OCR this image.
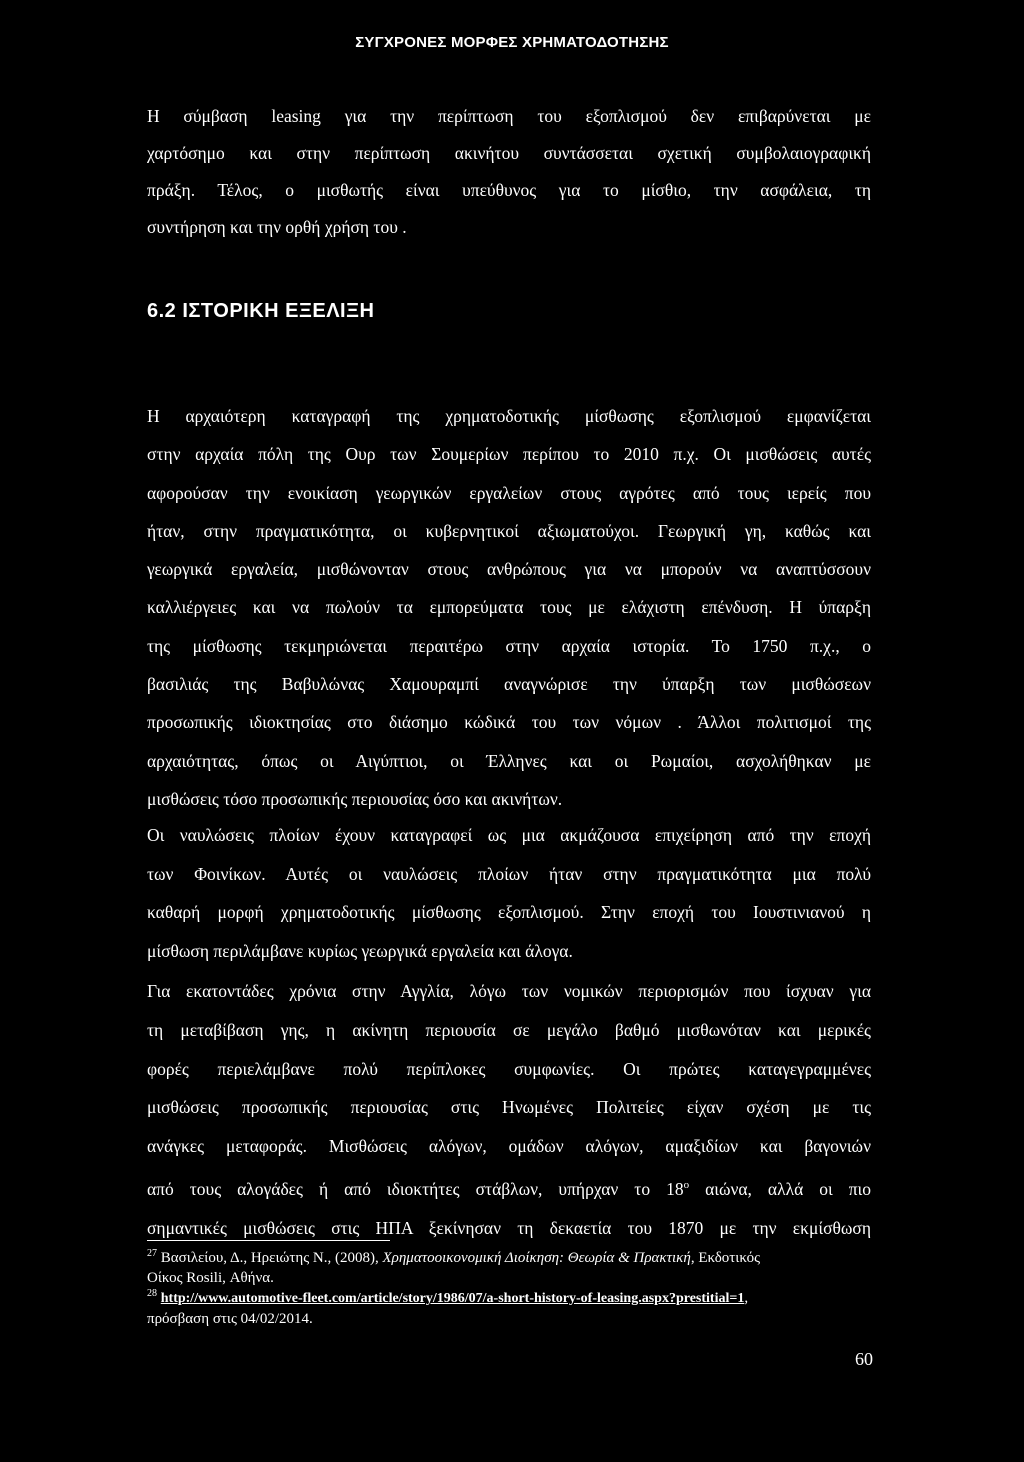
ΣΥΓΧΡΟΝΕΣ ΜΟΡΦΕΣ ΧΡΗΜΑΤΟΔΟΤΗΣΗΣ
Η σύμβαση leasing για την περίπτωση του εξοπλισμού δεν επιβαρύνεται με
χαρτόσημο και στην περίπτωση ακινήτου συντάσσεται σχετική συμβολαιογραφική
πράξη. Τέλος, ο μισθωτής είναι υπεύθυνος για το μίσθιο, την ασφάλεια, τη
συντήρηση και την ορθή χρήση του .
6.2 ΙΣΤΟΡΙΚΗ ΕΞΕΛΙΞΗ
Η αρχαιότερη καταγραφή της χρηματοδοτικής μίσθωσης εξοπλισμού εμφανίζεται
στην αρχαία πόλη της Ουρ των Σουμερίων περίπου το 2010 π.χ. Οι μισθώσεις αυτές
αφορούσαν την ενοικίαση γεωργικών εργαλείων στους αγρότες από τους ιερείς που
ήταν, στην πραγματικότητα, οι κυβερνητικοί αξιωματούχοι. Γεωργική γη, καθώς και
γεωργικά εργαλεία, μισθώνονταν στους ανθρώπους για να μπορούν να αναπτύσσουν
καλλιέργειες και να πωλούν τα εμπορεύματα τους με ελάχιστη επένδυση. Η ύπαρξη
της μίσθωσης τεκμηριώνεται περαιτέρω στην αρχαία ιστορία. Το 1750 π.χ., ο
βασιλιάς της Βαβυλώνας Χαμουραμπί αναγνώρισε την ύπαρξη των μισθώσεων
προσωπικής ιδιοκτησίας στο διάσημο κώδικά του των νόμων . Άλλοι πολιτισμοί της
αρχαιότητας, όπως οι Αιγύπτιοι, οι Έλληνες και οι Ρωμαίοι, ασχολήθηκαν με
μισθώσεις τόσο προσωπικής περιουσίας όσο και ακινήτων.
Οι ναυλώσεις πλοίων έχουν καταγραφεί ως μια ακμάζουσα επιχείρηση από την εποχή
των Φοινίκων. Αυτές οι ναυλώσεις πλοίων ήταν στην πραγματικότητα μια πολύ
καθαρή μορφή χρηματοδοτικής μίσθωσης εξοπλισμού. Στην εποχή του Ιουστινιανού η
μίσθωση περιλάμβανε κυρίως γεωργικά εργαλεία και άλογα.
Για εκατοντάδες χρόνια στην Αγγλία, λόγω των νομικών περιορισμών που ίσχυαν για
τη μεταβίβαση γης, η ακίνητη περιουσία σε μεγάλο βαθμό μισθωνόταν και μερικές
φορές περιελάμβανε πολύ περίπλοκες συμφωνίες. Οι πρώτες καταγεγραμμένες
μισθώσεις προσωπικής περιουσίας στις Ηνωμένες Πολιτείες είχαν σχέση με τις
ανάγκες μεταφοράς. Μισθώσεις αλόγων, ομάδων αλόγων, αμαξιδίων και βαγονιών
από τους αλογάδες ή από ιδιοκτήτες στάβλων, υπήρχαν το $18^o$ αιώνα, αλλά οι πιο
σημαντικές μισθώσεις στις ΗΠΑ ξεκίνησαν τη δεκαετία του 1870 με την εκμίσθωση
$^{27}$ Βασιλείου, Δ., Ηρειώτης Ν., (2008), Χρηματοοικονομική Διοίκηση: Θεωρία & Πρακτική, Εκδοτικός
Οίκος Rosili, Αθήνα.
$^{28}$ http://www.automotive-fleet.com/article/story/1986/07/a-short-history-of-leasing.aspx?prestitial=1,
πρόσβαση στις 04/02/2014.
60
